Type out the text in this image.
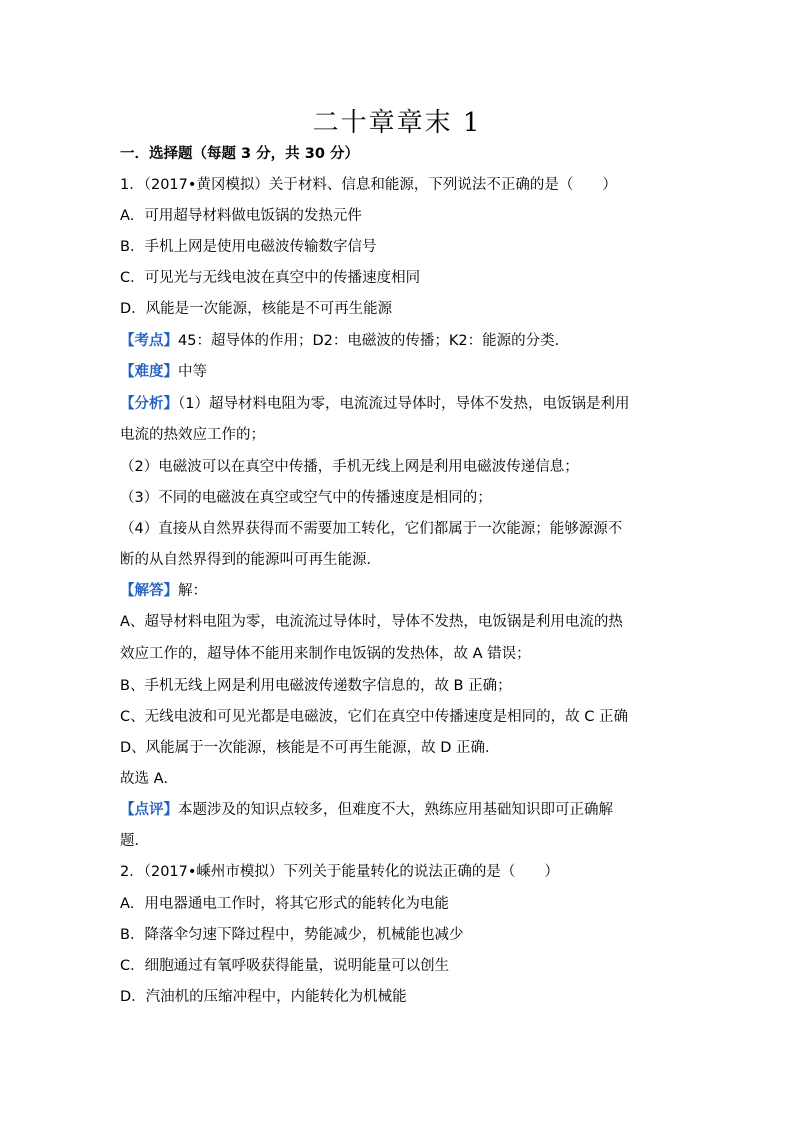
二十章章末 1
一．选择题（每题 3 分，共 30 分）
1．（2017•黄冈模拟）关于材料、信息和能源，下列说法不正确的是（　　）
A．可用超导材料做电饭锅的发热元件
B．手机上网是使用电磁波传输数字信号
C．可见光与无线电波在真空中的传播速度相同
D．风能是一次能源，核能是不可再生能源
【考点】45：超导体的作用；D2：电磁波的传播；K2：能源的分类．
【难度】中等
【分析】（1）超导材料电阻为零，电流流过导体时，导体不发热，电饭锅是利用
电流的热效应工作的；
（2）电磁波可以在真空中传播，手机无线上网是利用电磁波传递信息；
（3）不同的电磁波在真空或空气中的传播速度是相同的；
（4）直接从自然界获得而不需要加工转化，它们都属于一次能源；能够源源不
断的从自然界得到的能源叫可再生能源．
【解答】解：
A、超导材料电阻为零，电流流过导体时，导体不发热，电饭锅是利用电流的热
效应工作的，超导体不能用来制作电饭锅的发热体，故 A 错误；
B、手机无线上网是利用电磁波传递数字信息的，故 B 正确；
C、无线电波和可见光都是电磁波，它们在真空中传播速度是相同的，故 C 正确
D、风能属于一次能源，核能是不可再生能源，故 D 正确．
故选 A．
【点评】本题涉及的知识点较多，但难度不大，熟练应用基础知识即可正确解
题．
2．（2017•嵊州市模拟）下列关于能量转化的说法正确的是（　　）
A．用电器通电工作时，将其它形式的能转化为电能
B．降落伞匀速下降过程中，势能减少，机械能也减少
C．细胞通过有氧呼吸获得能量，说明能量可以创生
D．汽油机的压缩冲程中，内能转化为机械能
